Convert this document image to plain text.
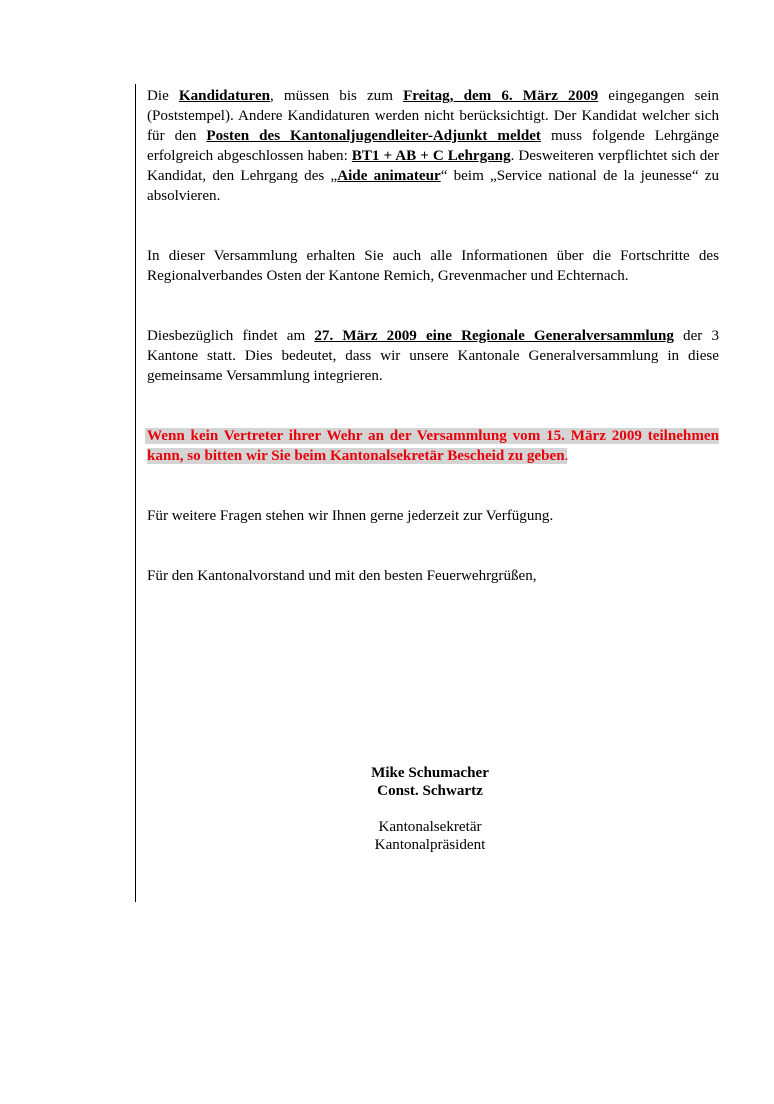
Die Kandidaturen, müssen bis zum Freitag, dem 6. März 2009 eingegangen sein (Poststempel). Andere Kandidaturen werden nicht berücksichtigt. Der Kandidat welcher sich für den Posten des Kantonaljugendleiter-Adjunkt meldet muss folgende Lehrgänge erfolgreich abgeschlossen haben: BT1 + AB + C Lehrgang. Desweiteren verpflichtet sich der Kandidat, den Lehrgang des „Aide animateur“ beim „Service national de la jeunesse“ zu absolvieren.

In dieser Versammlung erhalten Sie auch alle Informationen über die Fortschritte des Regionalverbandes Osten der Kantone Remich, Grevenmacher und Echternach.

Diesbezüglich findet am 27. März 2009 eine Regionale Generalversammlung der 3 Kantone statt. Dies bedeutet, dass wir unsere Kantonale Generalversammlung in diese gemeinsame Versammlung integrieren.

Wenn kein Vertreter ihrer Wehr an der Versammlung vom 15. März 2009 teilnehmen kann, so bitten wir Sie beim Kantonalsekretär Bescheid zu geben.

Für weitere Fragen stehen wir Ihnen gerne jederzeit zur Verfügung.

Für den Kantonalvorstand und mit den besten Feuerwehrgrüßen,

Mike Schumacher
Const. Schwartz
Kantonalsekretär
Kantonalpräsident
